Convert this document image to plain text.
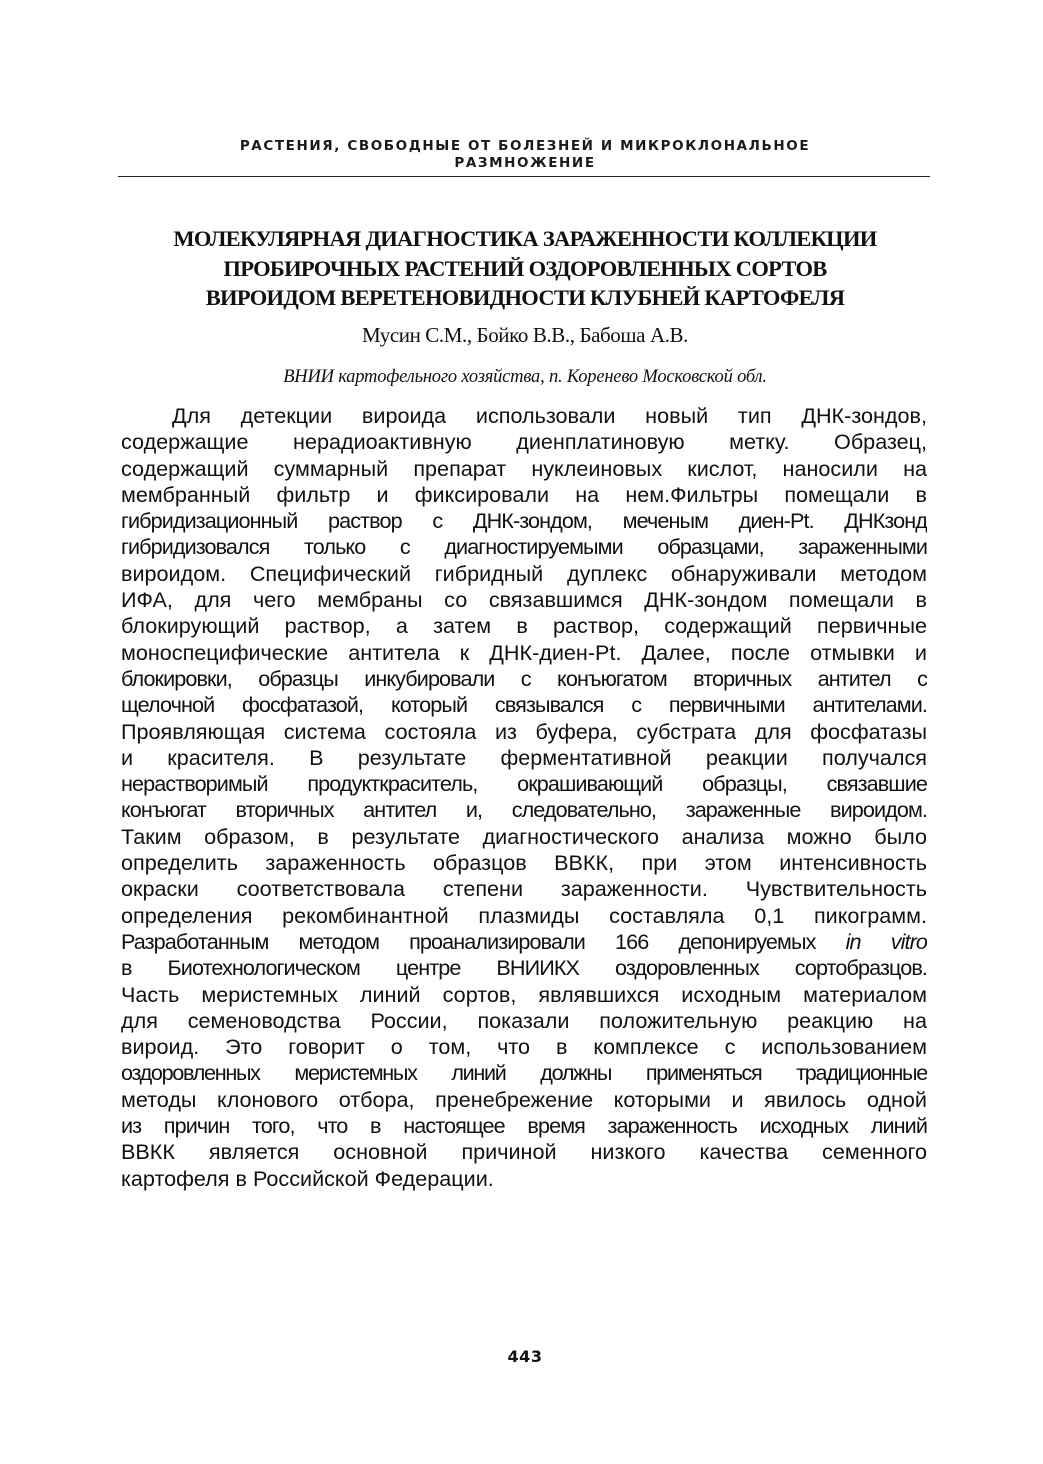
РАСТЕНИЯ, СВОБОДНЫЕ ОТ БОЛЕЗНЕЙ И МИКРОКЛОНАЛЬНОЕ
РАЗМНОЖЕНИЕ
МОЛЕКУЛЯРНАЯ ДИАГНОСТИКА ЗАРАЖЕННОСТИ КОЛЛЕКЦИИ
ПРОБИРОЧНЫХ РАСТЕНИЙ ОЗДОРОВЛЕННЫХ СОРТОВ
ВИРОИДОМ ВЕРЕТЕНОВИДНОСТИ КЛУБНЕЙ КАРТОФЕЛЯ
Мусин С.М., Бойко В.В., Бабоша А.В.
ВНИИ картофельного хозяйства, п. Коренево Московской обл.
Для детекции вироида использовали новый тип ДНК-зондов,
содержащие нерадиоактивную диенплатиновую метку. Образец,
содержащий суммарный препарат нуклеиновых кислот, наносили на
мембранный фильтр и фиксировали на нем.Фильтры помещали в
гибридизационный раствор с ДНК-зондом, меченым диен-Pt. ДНКзонд
гибридизовался только с диагностируемыми образцами, зараженными
вироидом. Специфический гибридный дуплекс обнаруживали методом
ИФА, для чего мембраны со связавшимся ДНК-зондом помещали в
блокирующий раствор, а затем в раствор, содержащий первичные
моноспецифические антитела к ДНК-диен-Pt. Далее, после отмывки и
блокировки, образцы инкубировали с конъюгатом вторичных антител с
щелочной фосфатазой, который связывался с первичными антителами.
Проявляющая система состояла из буфера, субстрата для фосфатазы
и красителя. В результате ферментативной реакции получался
нерастворимый продукткраситель, окрашивающий образцы, связавшие
конъюгат вторичных антител и, следовательно, зараженные вироидом.
Таким образом, в результате диагностического анализа можно было
определить зараженность образцов ВВКК, при этом интенсивность
окраски соответствовала степени зараженности. Чувствительность
определения рекомбинантной плазмиды составляла 0,1 пикограмм.
Разработанным методом проанализировали 166 депонируемых in vitro
в Биотехнологическом центре ВНИИКХ оздоровленных сортобразцов.
Часть меристемных линий сортов, являвшихся исходным материалом
для семеноводства России, показали положительную реакцию на
вироид. Это говорит о том, что в комплексе с использованием
оздоровленных меристемных линий должны применяться традиционные
методы клонового отбора, пренебрежение которыми и явилось одной
из причин того, что в настоящее время зараженность исходных линий
ВВКК является основной причиной низкого качества семенного
картофеля в Российской Федерации.
443
